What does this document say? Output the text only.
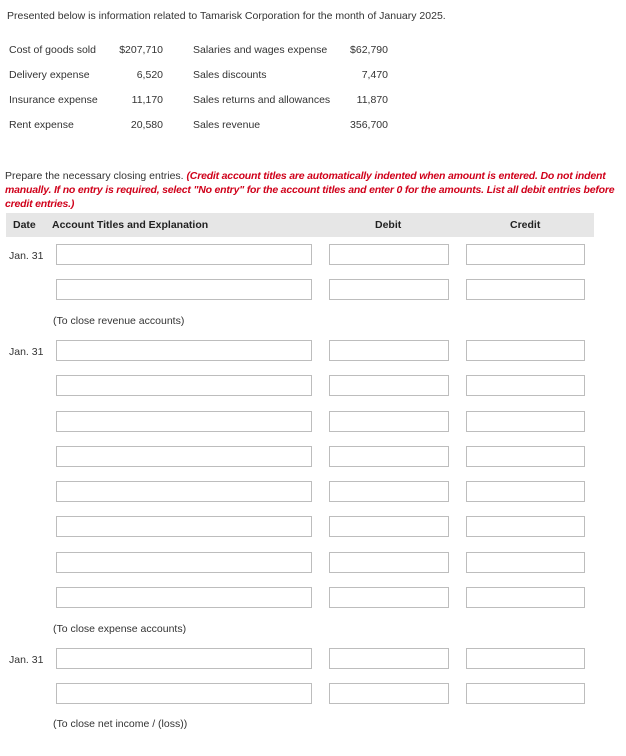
Presented below is information related to Tamarisk Corporation for the month of January 2025.
Cost of goods sold	$207,710	Salaries and wages expense	$62,790
Delivery expense	6,520	Sales discounts	7,470
Insurance expense	11,170	Sales returns and allowances	11,870
Rent expense	20,580	Sales revenue	356,700
Prepare the necessary closing entries. (Credit account titles are automatically indented when amount is entered. Do not indent manually. If no entry is required, select "No entry" for the account titles and enter 0 for the amounts. List all debit entries before credit entries.)
Date Account Titles and Explanation	Debit	Credit
Jan. 31
(To close revenue accounts)
Jan. 31
(To close expense accounts)
Jan. 31
(To close net income / (loss))
